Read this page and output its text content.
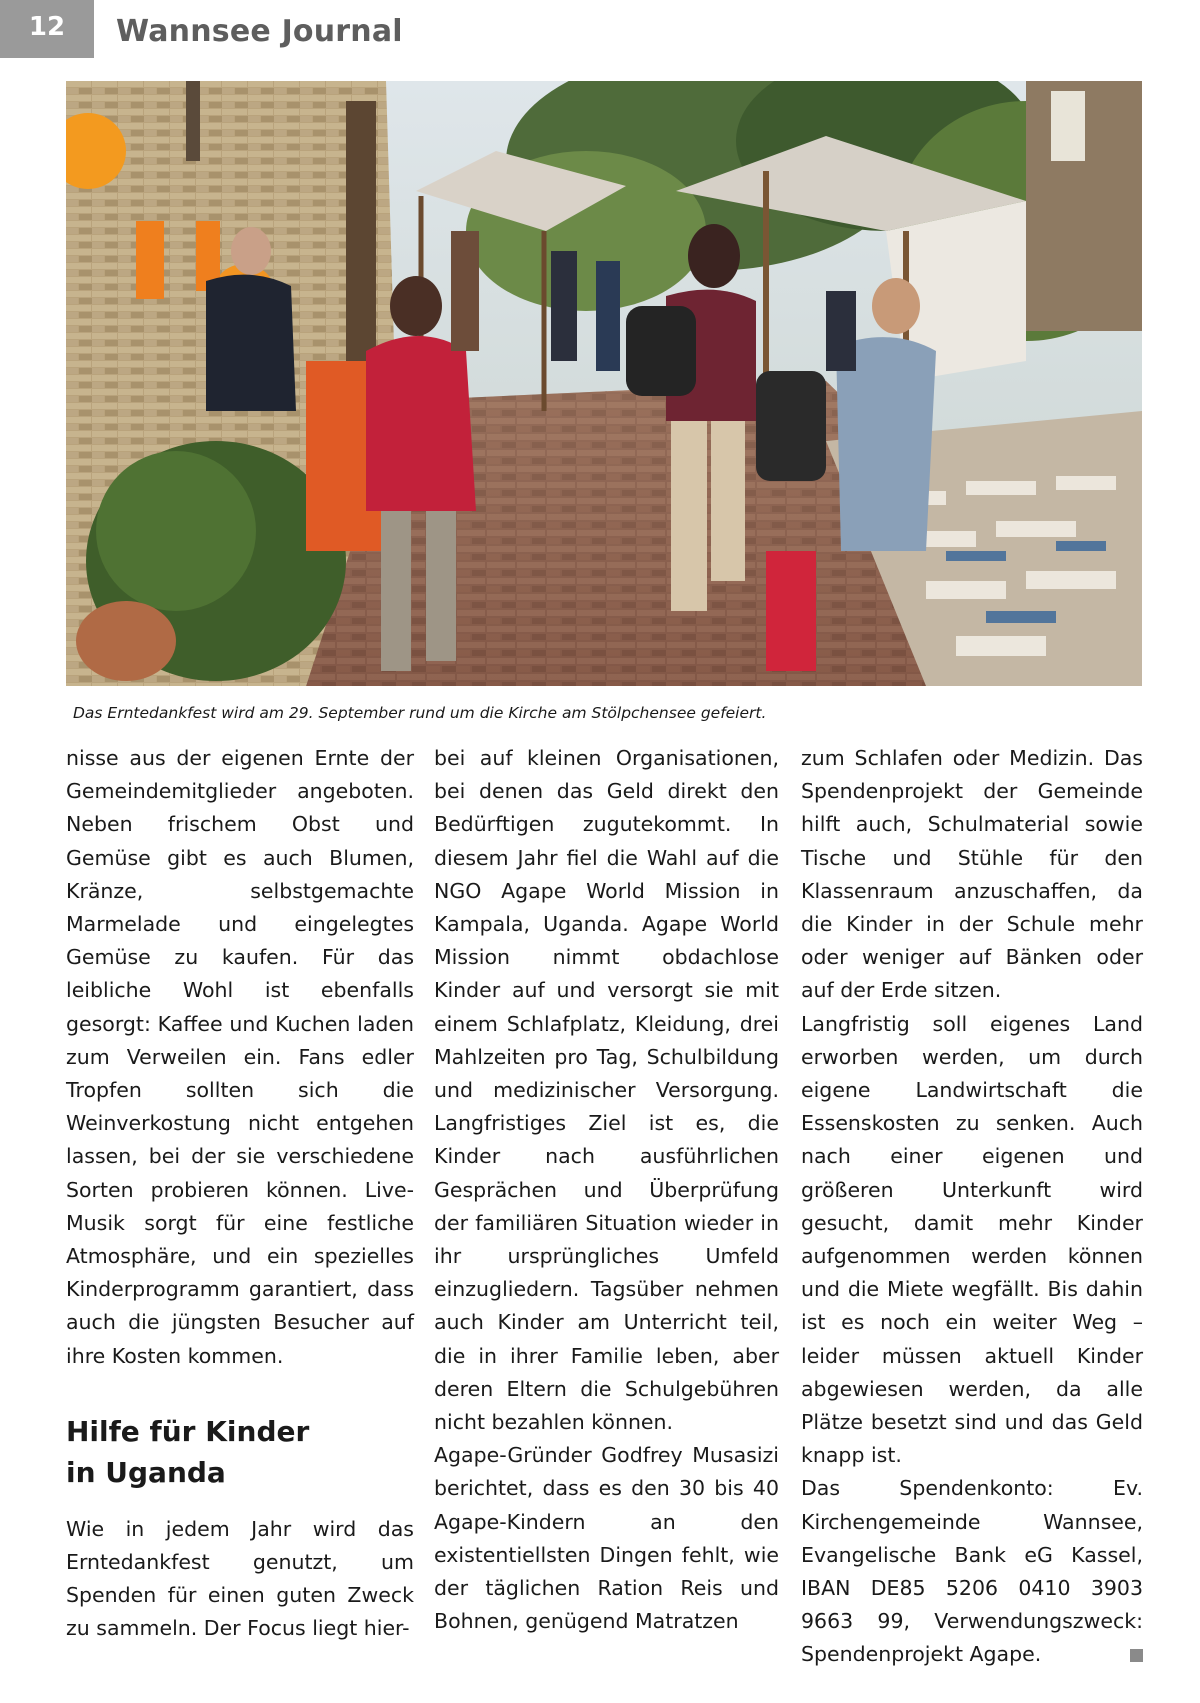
12	Wannsee Journal
Das Erntedankfest wird am 29. September rund um die Kirche am Stölpchensee gefeiert.

nisse aus der eigenen Ernte der Gemeindemitglieder angeboten. Neben frischem Obst und Gemüse gibt es auch Blumen, Kränze, selbstgemachte Marmelade und eingelegtes Gemüse zu kaufen. Für das leibliche Wohl ist ebenfalls gesorgt: Kaffee und Kuchen laden zum Verweilen ein. Fans edler Tropfen sollten sich die Weinverkostung nicht entgehen lassen, bei der sie verschiedene Sorten probieren können. Live-Musik sorgt für eine festliche Atmosphäre, und ein spezielles Kinderprogramm garantiert, dass auch die jüngsten Besucher auf ihre Kosten kommen.

Hilfe für Kinder
in Uganda

Wie in jedem Jahr wird das Erntedankfest genutzt, um Spenden für einen guten Zweck zu sammeln. Der Focus liegt hier-

bei auf kleinen Organisationen, bei denen das Geld direkt den Bedürftigen zugutekommt. In diesem Jahr fiel die Wahl auf die NGO Agape World Mission in Kampala, Uganda. Agape World Mission nimmt obdachlose Kinder auf und versorgt sie mit einem Schlafplatz, Kleidung, drei Mahlzeiten pro Tag, Schulbildung und medizinischer Versorgung. Langfristiges Ziel ist es, die Kinder nach ausführlichen Gesprächen und Überprüfung der familiären Situation wieder in ihr ursprüngliches Umfeld einzugliedern. Tagsüber nehmen auch Kinder am Unterricht teil, die in ihrer Familie leben, aber deren Eltern die Schulgebühren nicht bezahlen können.

Agape-Gründer Godfrey Musasizi berichtet, dass es den 30 bis 40 Agape-Kindern an den existentiellsten Dingen fehlt, wie der täglichen Ration Reis und Bohnen, genügend Matratzen

zum Schlafen oder Medizin. Das Spendenprojekt der Gemeinde hilft auch, Schulmaterial sowie Tische und Stühle für den Klassenraum anzuschaffen, da die Kinder in der Schule mehr oder weniger auf Bänken oder auf der Erde sitzen.

Langfristig soll eigenes Land erworben werden, um durch eigene Landwirtschaft die Essenskosten zu senken. Auch nach einer eigenen und größeren Unterkunft wird gesucht, damit mehr Kinder aufgenommen werden können und die Miete wegfällt. Bis dahin ist es noch ein weiter Weg – leider müssen aktuell Kinder abgewiesen werden, da alle Plätze besetzt sind und das Geld knapp ist.

Das Spendenkonto: Ev. Kirchengemeinde Wannsee, Evangelische Bank eG Kassel, IBAN DE85 5206 0410 3903 9663 99, Verwendungszweck: Spendenprojekt Agape.
